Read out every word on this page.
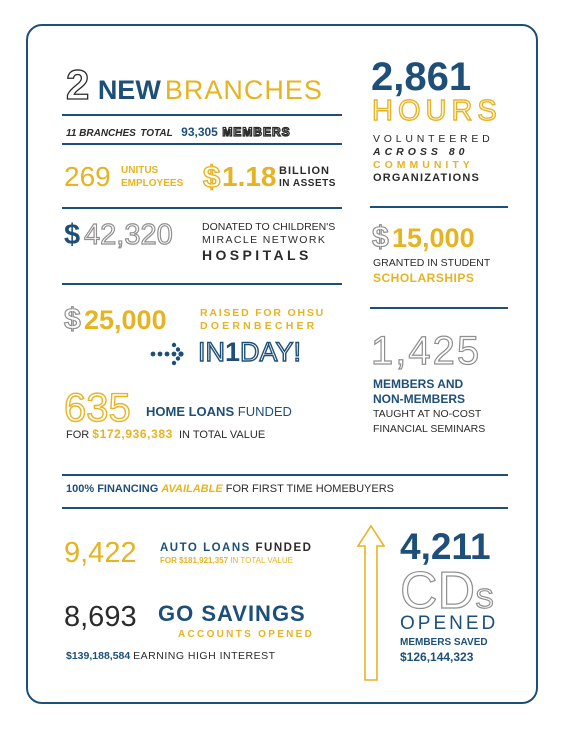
2 NEW BRANCHES
11 BRANCHES TOTAL 93,305 MEMBERS
269 UNITUS
EMPLOYEES $ 1.18 BILLION
IN ASSETS
$ 42,320	DONATED TO CHILDREN'S
MIRACLE NETWORK
HOSPITALS
2,861
HOURS
VOLUNTEERED
ACROSS 80
COMMUNITY
ORGANIZATIONS
$ 15,000
GRANTED IN STUDENT
SCHOLARSHIPS
$ 25,000	RAISED FOR OHSU
DOERNBECHER
IN1DAY! 1,425
MEMBERS AND
NON-MEMBERS
TAUGHT AT NO-COST
FINANCIAL SEMINARS
635 HOME LOANS FUNDED
FOR $172,936,383 IN TOTAL VALUE
100% FINANCING AVAILABLE FOR FIRST TIME HOMEBUYERS
9,422 AUTO LOANS FUNDED
FOR $181,921,357 IN TOTAL VALUE
8,693 GO SAVINGS
ACCOUNTS OPENED
$139,188,584 EARNING HIGH INTEREST
4,211
CDS
OPENED
MEMBERS SAVED
$126,144,323
